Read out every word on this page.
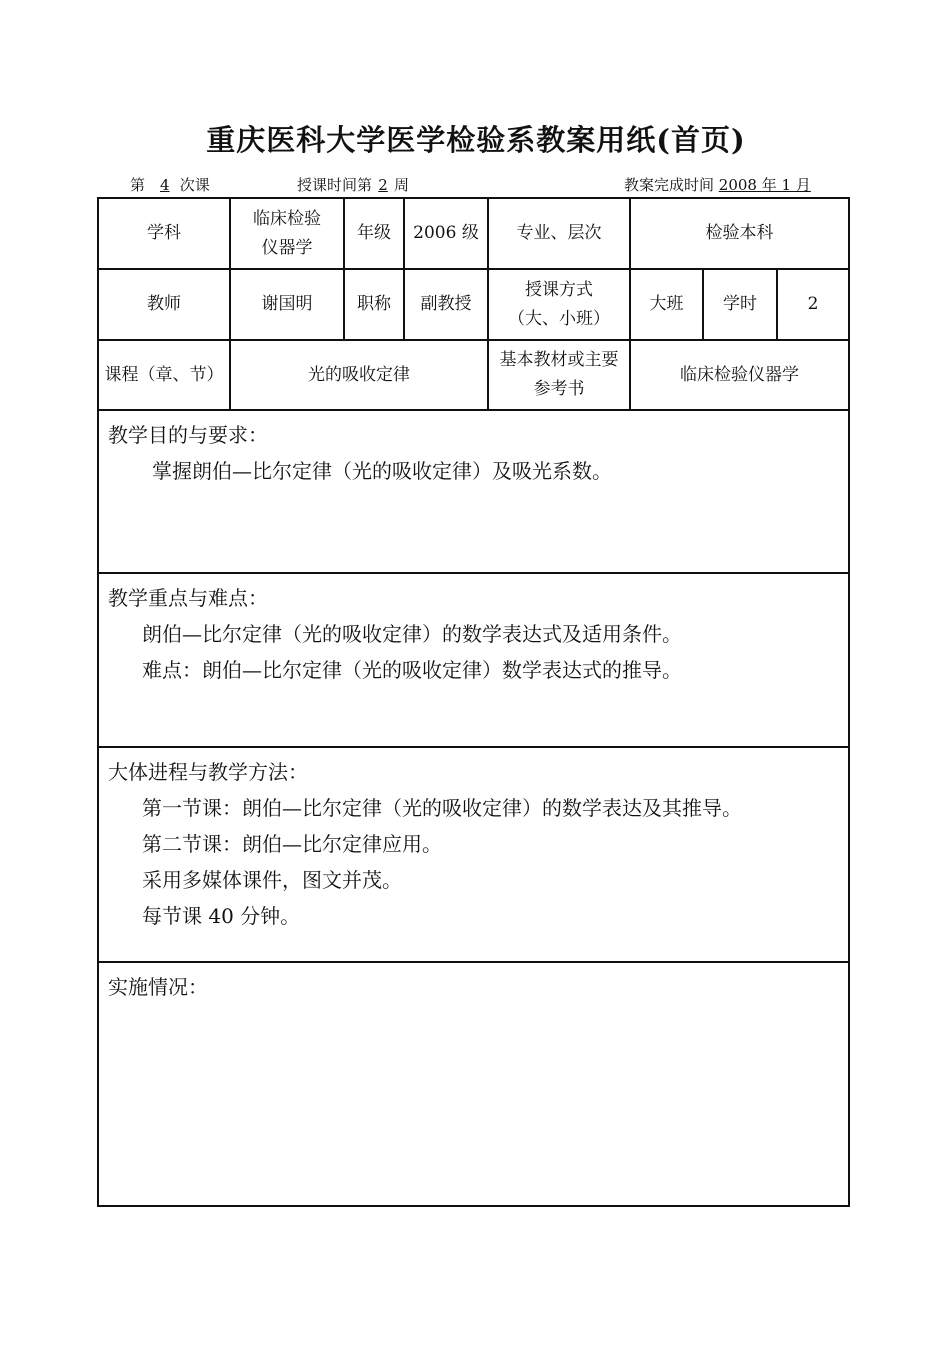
重庆医科大学医学检验系教案用纸(首页)
第 4 次课	授课时间第 2 周	教案完成时间 2008 年 1 月
学科	临床检验仪器学	年级	2006 级	专业、层次	检验本科		
教师	谢国明	职称	副教授	授课方式（大、小班）	大班	学时	2
课程（章、节）	光的吸收定律			基本教材或主要参考书	临床检验仪器学		
教学目的与要求：
掌握朗伯—比尔定律（光的吸收定律）及吸光系数。							

教学重点与难点：
朗伯—比尔定律（光的吸收定律）的数学表达式及适用条件。
难点：朗伯—比尔定律（光的吸收定律）数学表达式的推导。							

大体进程与教学方法：
第一节课：朗伯—比尔定律（光的吸收定律）的数学表达及其推导。
第二节课：朗伯—比尔定律应用。
采用多媒体课件，图文并茂。
每节课 40 分钟。							

实施情况：							
